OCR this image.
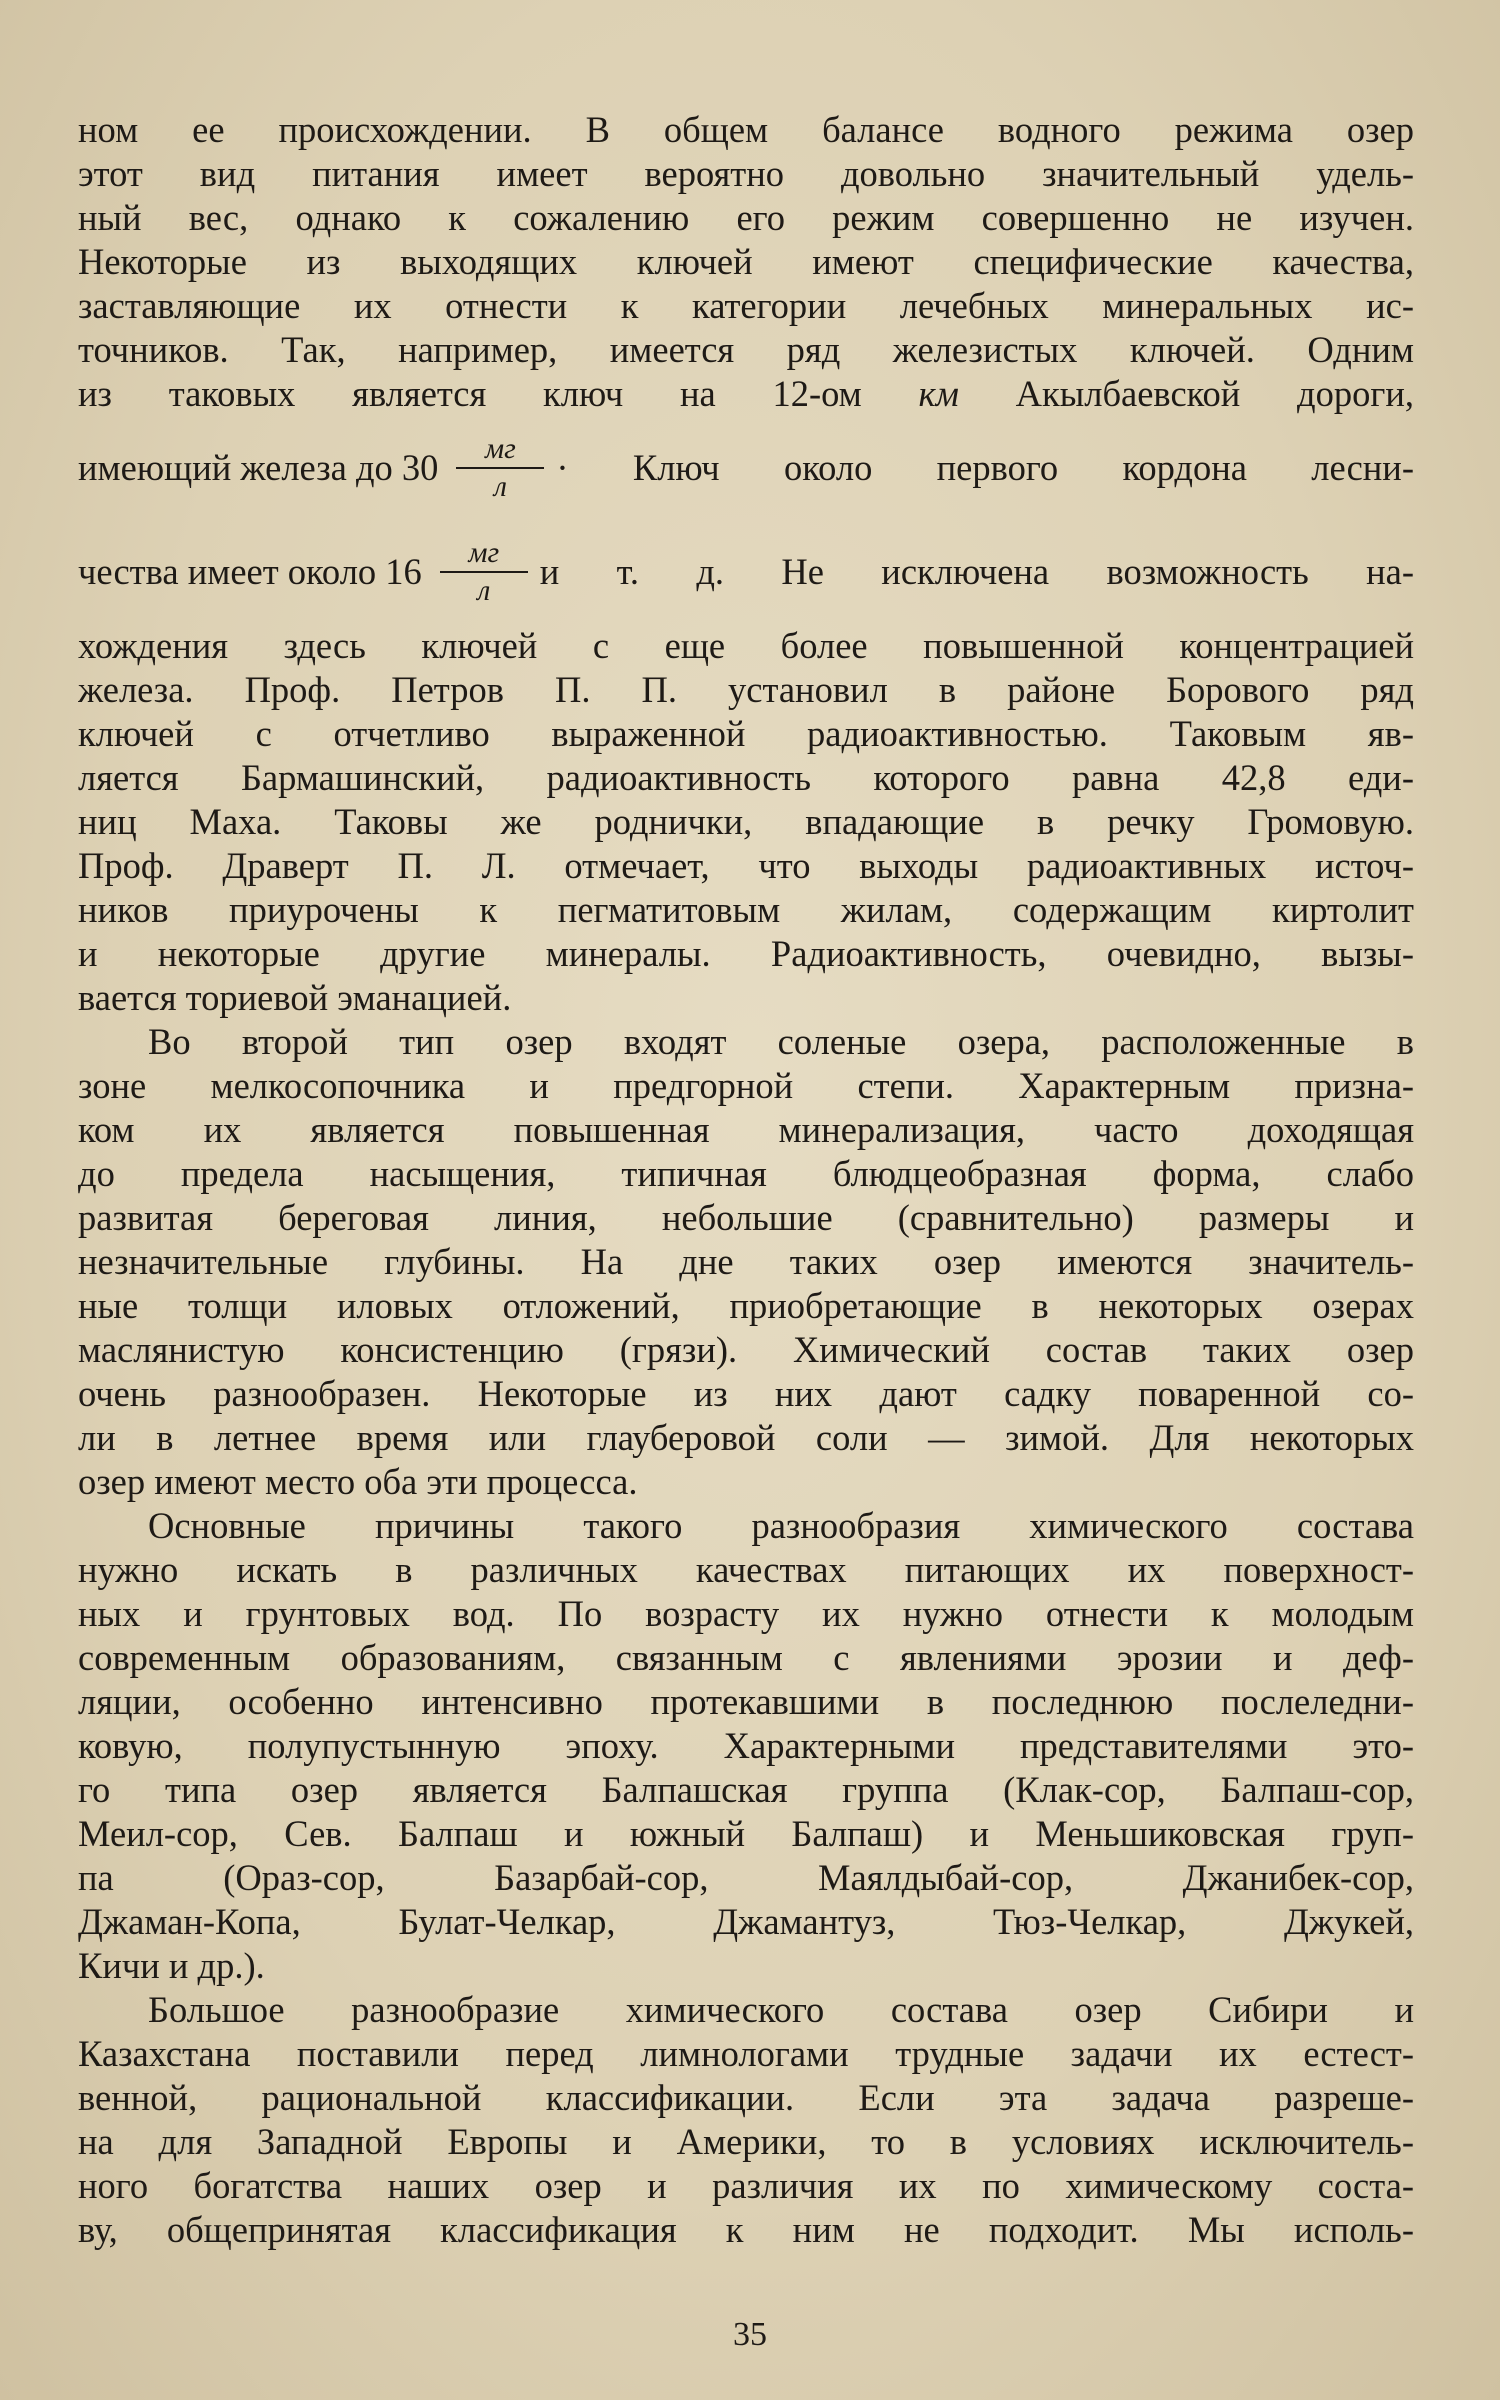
ном ее происхождении. В общем балансе водного режима озер
этот вид питания имеет вероятно довольно значительный удель-
ный вес, однако к сожалению его режим совершенно не изучен.
Некоторые из выходящих ключей имеют специфические качества,
заставляющие их отнести к категории лечебных минеральных ис-
точников. Так, например, имеется ряд железистых ключей. Одним
из таковых является ключ на 12-ом км Акылбаевской дороги,
имеющий железа до $30 \frac{мг}{л}$ · Ключ около первого кордона лесни-
чества имеет около $16 \frac{мг}{л}$ и т. д. Не исключена возможность на-
хождения здесь ключей с еще более повышенной концентрацией
железа. Проф. Петров П. П. установил в районе Борового ряд
ключей с отчетливо выраженной радиоактивностью. Таковым яв-
ляется Бармашинский, радиоактивность которого равна 42,8 еди-
ниц Маха. Таковы же роднички, впадающие в речку Громовую.
Проф. Драверт П. Л. отмечает, что выходы радиоактивных источ-
ников приурочены к пегматитовым жилам, содержащим киртолит
и некоторые другие минералы. Радиоактивность, очевидно, вызы-
вается ториевой эманацией.
Во второй тип озер входят соленые озера, расположенные в
зоне мелкосопочника и предгорной степи. Характерным призна-
ком их является повышенная минерализация, часто доходящая
до предела насыщения, типичная блюдцеобразная форма, слабо
развитая береговая линия, небольшие (сравнительно) размеры и
незначительные глубины. На дне таких озер имеются значитель-
ные толщи иловых отложений, приобретающие в некоторых озерах
маслянистую консистенцию (грязи). Химический состав таких озер
очень разнообразен. Некоторые из них дают садку поваренной со-
ли в летнее время или глауберовой соли — зимой. Для некоторых
озер имеют место оба эти процесса.
Основные причины такого разнообразия химического состава
нужно искать в различных качествах питающих их поверхност-
ных и грунтовых вод. По возрасту их нужно отнести к молодым
современным образованиям, связанным с явлениями эрозии и деф-
ляции, особенно интенсивно протекавшими в последнюю послеледни-
ковую, полупустынную эпоху. Характерными представителями это-
го типа озер является Балпашская группа (Клак-сор, Балпаш-сор,
Меил-сор, Сев. Балпаш и южный Балпаш) и Меньшиковская груп-
па (Ораз-сор, Базарбай-сор, Маялдыбай-сор, Джанибек-сор,
Джаман-Копа, Булат-Челкар, Джамантуз, Тюз-Челкар, Джукей,
Кичи и др.).
Большое разнообразие химического состава озер Сибири и
Казахстана поставили перед лимнологами трудные задачи их естест-
венной, рациональной классификации. Если эта задача разреше-
на для Западной Европы и Америки, то в условиях исключитель-
ного богатства наших озер и различия их по химическому соста-
ву, общепринятая классификация к ним не подходит. Мы исполь-
35
